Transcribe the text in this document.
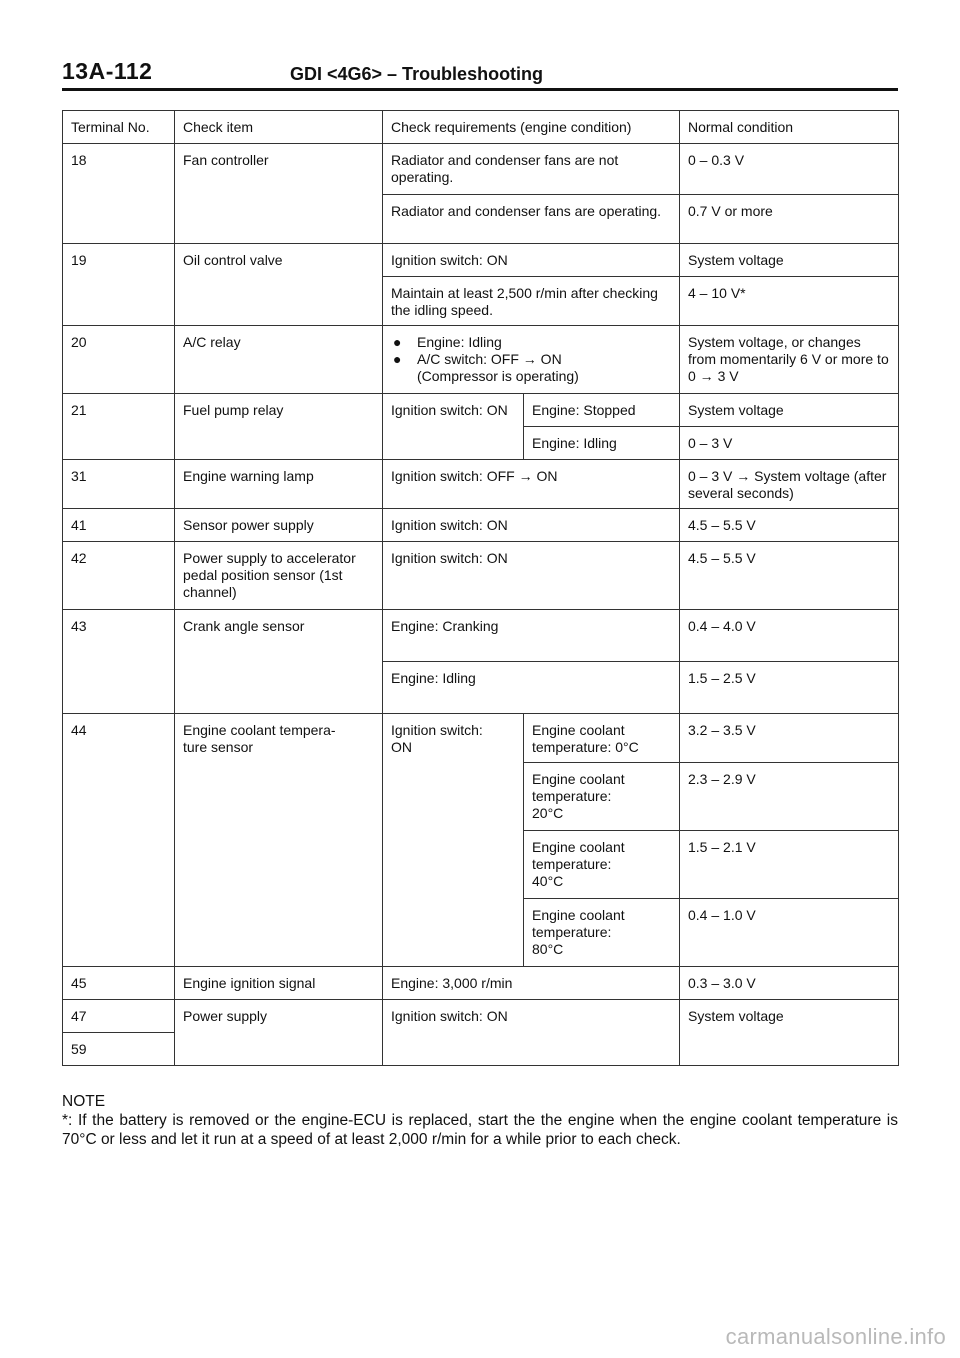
13A-112	GDI <4G6> – Troubleshooting
Terminal No.	Check item	Check requirements (engine condition)		Normal condition
18	Fan controller	Radiator and condenser fans are not operating.		0 – 0.3 V
		Radiator and condenser fans are operating.		0.7 V or more
19	Oil control valve	Ignition switch: ON		System voltage
		Maintain at least 2,500 r/min after checking the idling speed.		4 – 10 V*
20	A/C relay	● Engine: Idling
● A/C switch: OFF → ON
(Compressor is operating)		System voltage, or changes from momentarily 6 V or more to 0 → 3 V
21	Fuel pump relay	Ignition switch: ON	Engine: Stopped	System voltage
			Engine: Idling	0 – 3 V
31	Engine warning lamp	Ignition switch: OFF → ON		0 – 3 V → System voltage (after several seconds)
41	Sensor power supply	Ignition switch: ON		4.5 – 5.5 V
42	Power supply to accelerator pedal position sensor (1st channel)	Ignition switch: ON		4.5 – 5.5 V
43	Crank angle sensor	Engine: Cranking		0.4 – 4.0 V
		Engine: Idling		1.5 – 2.5 V
44	Engine coolant tempera-
ture sensor	Ignition switch:
ON	Engine coolant
temperature: 0°C	3.2 – 3.5 V
			Engine coolant
temperature:
20°C	2.3 – 2.9 V
			Engine coolant
temperature:
40°C	1.5 – 2.1 V
			Engine coolant
temperature:
80°C	0.4 – 1.0 V
45	Engine ignition signal	Engine: 3,000 r/min		0.3 – 3.0 V
47	Power supply	Ignition switch: ON		System voltage
59				
NOTE
*: If the battery is removed or the engine-ECU is replaced, start the the engine when the engine coolant temperature is 70°C or less and let it run at a speed of at least 2,000 r/min for a while prior to each check.
carmanualsonline.info
